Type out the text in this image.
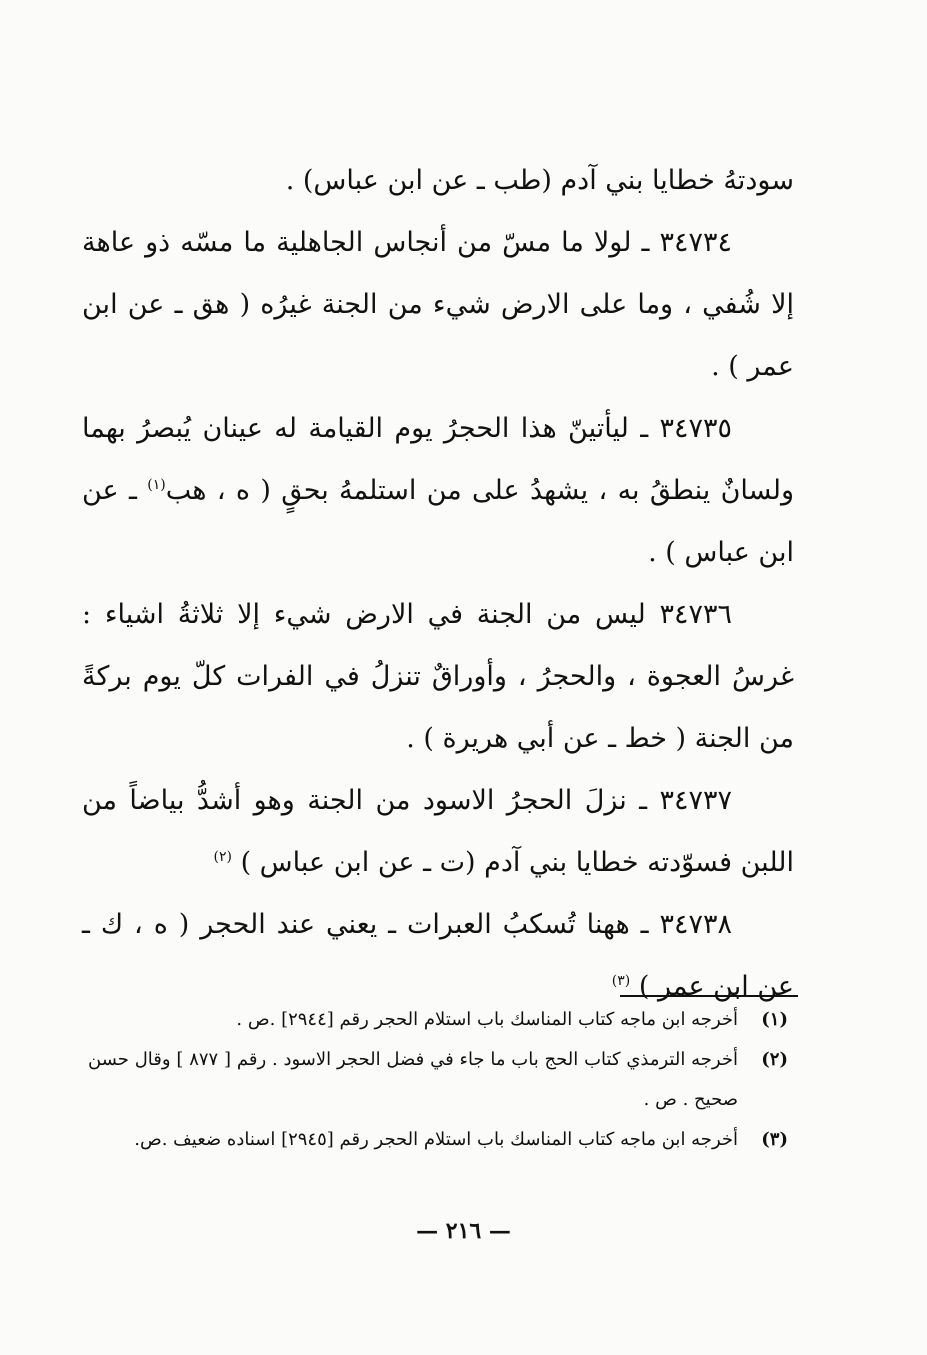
سودتهُ خطايا بني آدم (طب ـ عن ابن عباس) .

٣٤٧٣٤ ـ لولا ما مسّ من أنجاس الجاهلية ما مسّه ذو عاهة إلا شُفي ، وما على الارض شيء من الجنة غيرُه ( هق ـ عن ابن عمر ) .

٣٤٧٣٥ ـ ليأتينّ هذا الحجرُ يوم القيامة له عينان يُبصرُ بهما ولسانٌ ينطقُ به ، يشهدُ على من استلمهُ بحقٍ ( ه ، هب$^{(١)}$ ـ عن ابن عباس ) .

٣٤٧٣٦ ليس من الجنة في الارض شيء إلا ثلاثةُ اشياء : غرسُ العجوة ، والحجرُ ، وأوراقٌ تنزلُ في الفرات كلّ يوم بركةً من الجنة ( خط ـ عن أبي هريرة ) .

٣٤٧٣٧ ـ نزلَ الحجرُ الاسود من الجنة وهو أشدُّ بياضاً من اللبن فسوّدته خطايا بني آدم (ت ـ عن ابن عباس ) $^{(٢)}$

٣٤٧٣٨ ـ ههنا تُسكبُ العبرات ـ يعني عند الحجر ( ه ، ك ـ عن ابن عمر ) $^{(٣)}$

(١)
أخرجه ابن ماجه كتاب المناسك باب استلام الحجر رقم [٢٩٤٤] .ص .
(٢)
أخرجه الترمذي كتاب الحج باب ما جاء في فضل الحجر الاسود . رقم [ ٨٧٧ ] وقال حسن صحيح . ص .
(٣)
أخرجه ابن ماجه كتاب المناسك باب استلام الحجر رقم [٢٩٤٥] اسناده ضعيف .ص.
— ٢١٦ —
